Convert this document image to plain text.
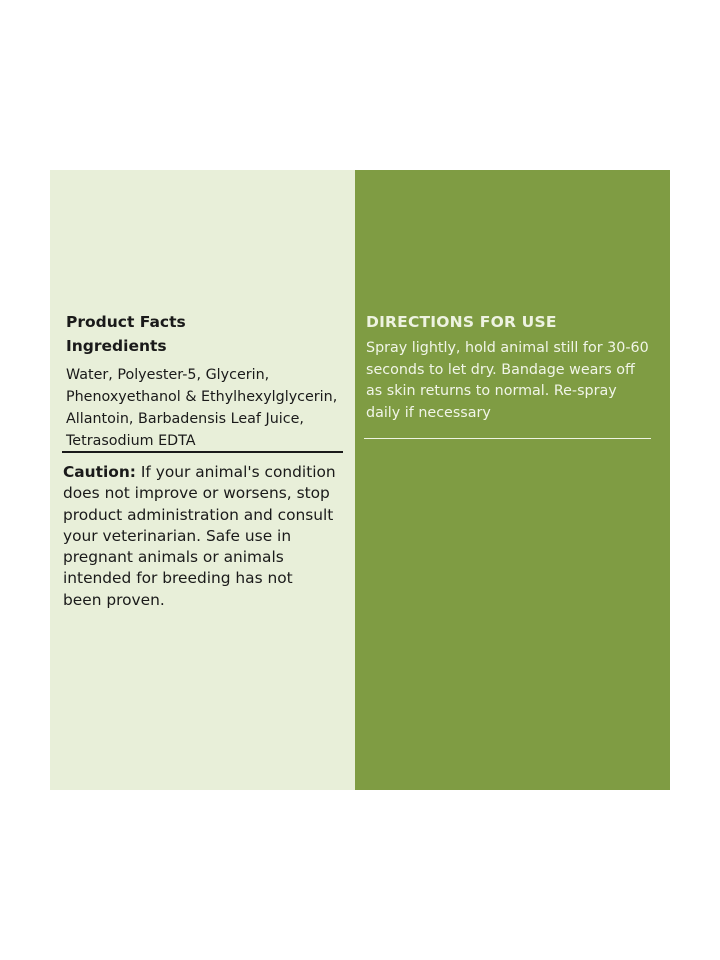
Product Facts

Ingredients

Water, Polyester-5, Glycerin,
Phenoxyethanol & Ethylhexylglycerin,
Allantoin, Barbadensis Leaf Juice,
Tetrasodium EDTA

Caution: If your animal's condition
does not improve or worsens, stop
product administration and consult
your veterinarian. Safe use in
pregnant animals or animals
intended for breeding has not
been proven.

DIRECTIONS FOR USE

Spray lightly, hold animal still for 30-60
seconds to let dry. Bandage wears off
as skin returns to normal. Re-spray
daily if necessary
